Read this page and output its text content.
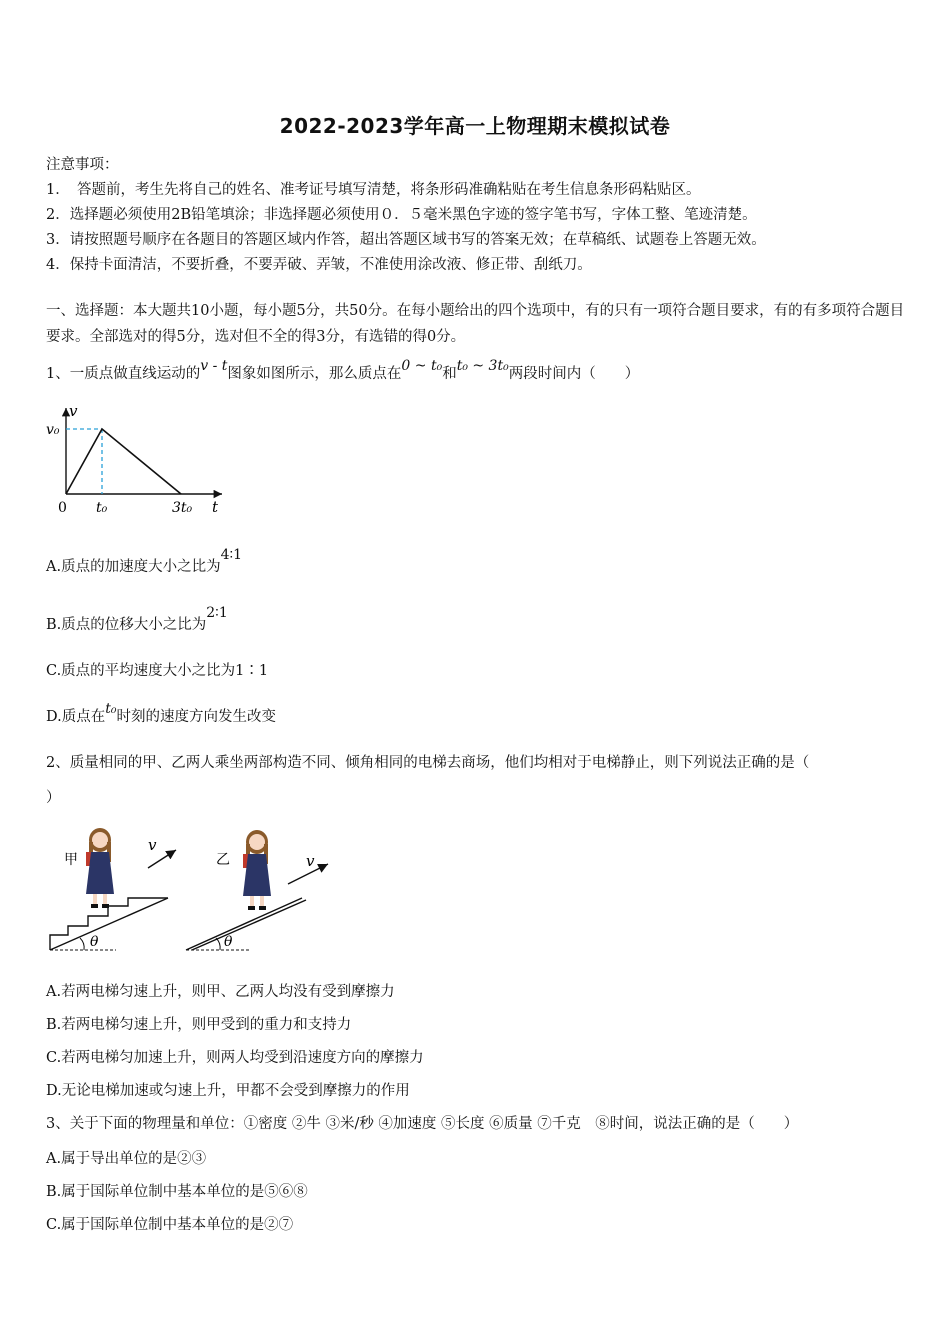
2022-2023学年高一上物理期末模拟试卷
注意事项：
1．　答题前，考生先将自己的姓名、准考证号填写清楚，将条形码准确粘贴在考生信息条形码粘贴区。
2．选择题必须使用2B铅笔填涂；非选择题必须使用０．５毫米黑色字迹的签字笔书写，字体工整、笔迹清楚。
3．请按照题号顺序在各题目的答题区域内作答，超出答题区域书写的答案无效；在草稿纸、试题卷上答题无效。
4．保持卡面清洁，不要折叠，不要弄破、弄皱，不准使用涂改液、修正带、刮纸刀。
一、选择题：本大题共10小题，每小题5分，共50分。在每小题给出的四个选项中，有的只有一项符合题目要求，有的有多项符合题目要求。全部选对的得5分，选对但不全的得3分，有选错的得0分。
1、一质点做直线运动的v - t图象如图所示，那么质点在0 ~ t₀和t₀ ~ 3t₀两段时间内（　　）
v
v₀
0 t₀	3t₀ t
A.质点的加速度大小之比为4∶1
B.质点的位移大小之比为2∶1
C.质点的平均速度大小之比为1∶1
D.质点在t₀时刻的速度方向发生改变
2、质量相同的甲、乙两人乘坐两部构造不同、倾角相同的电梯去商场，他们均相对于电梯静止，则下列说法正确的是（
）
θ
甲
v
θ
乙	v
A.若两电梯匀速上升，则甲、乙两人均没有受到摩擦力
B.若两电梯匀速上升，则甲受到的重力和支持力
C.若两电梯匀加速上升，则两人均受到沿速度方向的摩擦力
D.无论电梯加速或匀速上升，甲都不会受到摩擦力的作用
3、关于下面的物理量和单位：①密度 ②牛 ③米/秒 ④加速度 ⑤长度 ⑥质量 ⑦千克　⑧时间，说法正确的是（　　）
A.属于导出单位的是②③
B.属于国际单位制中基本单位的是⑤⑥⑧
C.属于国际单位制中基本单位的是②⑦
